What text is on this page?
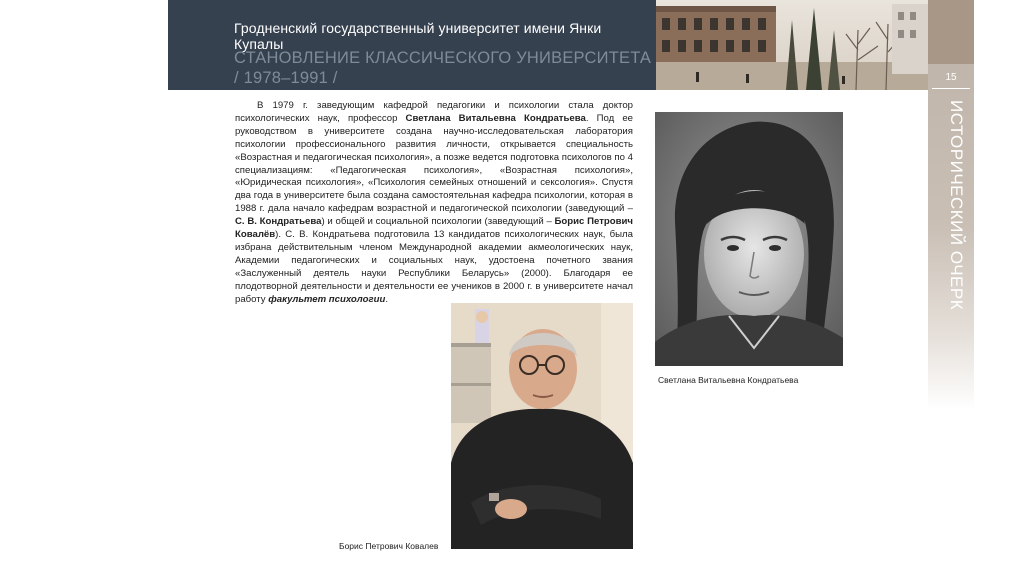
Гродненский государственный университет имени Янки Купалы
СТАНОВЛЕНИЕ КЛАССИЧЕСКОГО УНИВЕРСИТЕТА
/ 1978–1991 /	15
ИСТОРИЧЕСКИЙ ОЧЕРК

В 1979 г. заведующим кафедрой педагогики и психологии стала доктор психологических наук, профессор Светлана Витальевна Кондратьева. Под ее руководством в университете создана научно-исследовательская лаборатория психологии профессионального развития личности, открывается специальность «Возрастная и педагогическая психология», а позже ведется подготовка психологов по 4 специализациям: «Педагогическая психология», «Возрастная психология», «Юридическая психология», «Психология семейных отношений и сексология». Спустя два года в университете была создана самостоятельная кафедра психологии, которая в 1988 г. дала начало кафедрам возрастной и педагогической психологии (заведующий – С. В. Кондратьева) и общей и социальной психологии (заведующий – Борис Петрович Ковалёв). С. В. Кондратьева подготовила 13 кандидатов психологических наук, была избрана действительным членом Международной академии акмеологических наук, Академии педагогических и социальных наук, удостоена почетного звания «Заслуженный деятель науки Республики Беларусь» (2000). Благодаря ее плодотворной деятельности и деятельности ее учеников в 2000 г. в университете начал работу факультет психологии.

Светлана Витальевна Кондратьева
Борис Петрович Ковалев
